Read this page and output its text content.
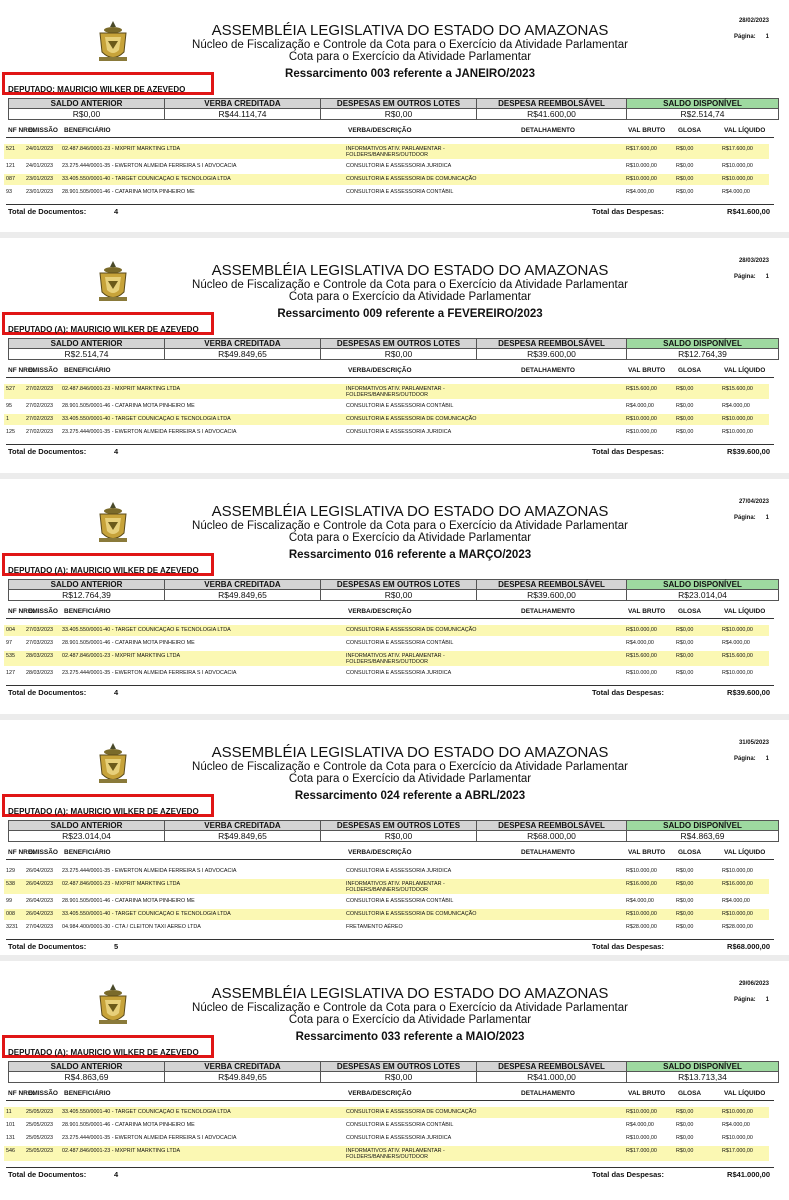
ASSEMBLÉIA LEGISLATIVA DO ESTADO DO AMAZONAS
Núcleo de Fiscalização e Controle da Cota para o Exercício da Atividade Parlamentar
Cota para o Exercício da Atividade Parlamentar
Ressarcimento 003 referente a JANEIRO/2023
28/02/2023
Página: 1
DEPUTADO: MAURICIO WILKER DE AZEVEDO
SALDO ANTERIOR	VERBA CREDITADA	DESPESAS EM OUTROS LOTES	DESPESA REEMBOLSÁVEL	SALDO DISPONÍVEL
R$0,00	R$44.114,74	R$0,00	R$41.600,00	R$2.514,74
NF NRO.
EMISSÃO BENEFICIÁRIO	VERBA/DESCRIÇÃO	DETALHAMENTO	VAL BRUTO GLOSA	VAL LÍQUIDO
521 24/01/2023 02.487.846/0001-23 - MXPRIT MARKTING LTDA	INFORMATIVOS ATIV. PARLAMENTAR -	R$17.600,00	R$0,00	R$17.600,00
FOLDERS/BANNERS/OUTDOOR
121 24/01/2023 23.275.444/0001-35 - EWERTON ALMEIDA FERREIRA S I ADVOCACIA	CONSULTORIA E ASSESSORIA JURIDICA	R$10.000,00	R$0,00	R$10.000,00
087 23/01/2023 33.405.550/0001-40 - TARGET COUNICAÇAO E TECNOLOGIA LTDA	CONSULTORIA E ASSESSORIA DE COMUNICAÇÃO	R$10.000,00	R$0,00	R$10.000,00
93	23/01/2023 28.901.505/0001-46 - CATARINA MOTA PINHEIRO ME	CONSULTORIA E ASSESSORIA CONTÁBIL	R$4.000,00	R$0,00	R$4.000,00
Total de Documentos:	4	Total das Despesas:	R$41.600,00
ASSEMBLÉIA LEGISLATIVA DO ESTADO DO AMAZONAS
Núcleo de Fiscalização e Controle da Cota para o Exercício da Atividade Parlamentar
Cota para o Exercício da Atividade Parlamentar
Ressarcimento 009 referente a FEVEREIRO/2023
28/03/2023
Página: 1
DEPUTADO (A): MAURICIO WILKER DE AZEVEDO
SALDO ANTERIOR	VERBA CREDITADA	DESPESAS EM OUTROS LOTES	DESPESA REEMBOLSÁVEL	SALDO DISPONÍVEL
R$2.514,74	R$49.849,65	R$0,00	R$39.600,00	R$12.764,39
NF NRO.
EMISSÃO BENEFICIÁRIO	VERBA/DESCRIÇÃO	DETALHAMENTO	VAL BRUTO GLOSA	VAL LÍQUIDO
527 27/02/2023 02.487.846/0001-23 - MXPRIT MARKTING LTDA	INFORMATIVOS ATIV. PARLAMENTAR -	R$15.600,00	R$0,00	R$15.600,00
FOLDERS/BANNERS/OUTDOOR
95	27/02/2023 28.901.505/0001-46 - CATARINA MOTA PINHEIRO ME	CONSULTORIA E ASSESSORIA CONTÁBIL	R$4.000,00	R$0,00	R$4.000,00
1	27/02/2023 33.405.550/0001-40 - TARGET COUNICAÇAO E TECNOLOGIA LTDA	CONSULTORIA E ASSESSORIA DE COMUNICAÇÃO	R$10.000,00	R$0,00	R$10.000,00
125 27/02/2023 23.275.444/0001-35 - EWERTON ALMEIDA FERREIRA S I ADVOCACIA	CONSULTORIA E ASSESSORIA JURIDICA	R$10.000,00	R$0,00	R$10.000,00
Total de Documentos:	4	Total das Despesas:	R$39.600,00
ASSEMBLÉIA LEGISLATIVA DO ESTADO DO AMAZONAS
Núcleo de Fiscalização e Controle da Cota para o Exercício da Atividade Parlamentar
Cota para o Exercício da Atividade Parlamentar
Ressarcimento 016 referente a MARÇO/2023
27/04/2023
Página: 1
DEPUTADO (A): MAURICIO WILKER DE AZEVEDO
SALDO ANTERIOR	VERBA CREDITADA	DESPESAS EM OUTROS LOTES	DESPESA REEMBOLSÁVEL	SALDO DISPONÍVEL
R$12.764,39	R$49.849,65	R$0,00	R$39.600,00	R$23.014,04
NF NRO.
EMISSÃO BENEFICIÁRIO	VERBA/DESCRIÇÃO	DETALHAMENTO	VAL BRUTO GLOSA	VAL LÍQUIDO
004 27/03/2023 33.405.550/0001-40 - TARGET COUNICAÇAO E TECNOLOGIA LTDA	CONSULTORIA E ASSESSORIA DE COMUNICAÇÃO	R$10.000,00	R$0,00	R$10.000,00
97	27/03/2023 28.901.505/0001-46 - CATARINA MOTA PINHEIRO ME	CONSULTORIA E ASSESSORIA CONTÁBIL	R$4.000,00	R$0,00	R$4.000,00
535 28/03/2023 02.487.846/0001-23 - MXPRIT MARKTING LTDA	INFORMATIVOS ATIV. PARLAMENTAR -	R$15.600,00	R$0,00	R$15.600,00
FOLDERS/BANNERS/OUTDOOR
127 28/03/2023 23.275.444/0001-35 - EWERTON ALMEIDA FERREIRA S I ADVOCACIA	CONSULTORIA E ASSESSORIA JURIDICA	R$10.000,00	R$0,00	R$10.000,00
Total de Documentos:	4	Total das Despesas:	R$39.600,00
ASSEMBLÉIA LEGISLATIVA DO ESTADO DO AMAZONAS
Núcleo de Fiscalização e Controle da Cota para o Exercício da Atividade Parlamentar
Cota para o Exercício da Atividade Parlamentar
Ressarcimento 024 referente a ABRL/2023
31/05/2023
Página: 1
DEPUTADO (A): MAURICIO WILKER DE AZEVEDO
SALDO ANTERIOR	VERBA CREDITADA	DESPESAS EM OUTROS LOTES	DESPESA REEMBOLSÁVEL	SALDO DISPONÍVEL
R$23.014,04	R$49.849,65	R$0,00	R$68.000,00	R$4.863,69
NF NRO.
EMISSÃO BENEFICIÁRIO	VERBA/DESCRIÇÃO	DETALHAMENTO	VAL BRUTO GLOSA	VAL LÍQUIDO
129 26/04/2023 23.275.444/0001-35 - EWERTON ALMEIDA FERREIRA S I ADVOCACIA	CONSULTORIA E ASSESSORIA JURIDICA	R$10.000,00	R$0,00	R$10.000,00
538 26/04/2023 02.487.846/0001-23 - MXPRIT MARKTING LTDA	INFORMATIVOS ATIV. PARLAMENTAR -	R$16.000,00	R$0,00	R$16.000,00
FOLDERS/BANNERS/OUTDOOR
99	26/04/2023 28.901.505/0001-46 - CATARINA MOTA PINHEIRO ME	CONSULTORIA E ASSESSORIA CONTÁBIL	R$4.000,00	R$0,00	R$4.000,00
008 26/04/2023 33.405.550/0001-40 - TARGET COUNICAÇAO E TECNOLOGIA LTDA	CONSULTORIA E ASSESSORIA DE COMUNICAÇÃO	R$10.000,00	R$0,00	R$10.000,00
3231 27/04/2023 04.984.400/0001-30 - CTA / CLEITON TAXI AEREO LTDA	FRETAMENTO AÉREO	R$28.000,00	R$0,00	R$28.000,00
Total de Documentos:	5	Total das Despesas:	R$68.000,00
ASSEMBLÉIA LEGISLATIVA DO ESTADO DO AMAZONAS
Núcleo de Fiscalização e Controle da Cota para o Exercício da Atividade Parlamentar
Cota para o Exercício da Atividade Parlamentar
Ressarcimento 033 referente a MAIO/2023
29/06/2023
Página: 1
DEPUTADO (A): MAURICIO WILKER DE AZEVEDO
SALDO ANTERIOR	VERBA CREDITADA	DESPESAS EM OUTROS LOTES	DESPESA REEMBOLSÁVEL	SALDO DISPONÍVEL
R$4.863,69	R$49.849,65	R$0,00	R$41.000,00	R$13.713,34
NF NRO.
EMISSÃO BENEFICIÁRIO	VERBA/DESCRIÇÃO	DETALHAMENTO	VAL BRUTO GLOSA	VAL LÍQUIDO
11	25/05/2023 33.405.550/0001-40 - TARGET COUNICAÇAO E TECNOLOGIA LTDA	CONSULTORIA E ASSESSORIA DE COMUNICAÇÃO	R$10.000,00	R$0,00	R$10.000,00
101 25/05/2023 28.901.505/0001-46 - CATARINA MOTA PINHEIRO ME	CONSULTORIA E ASSESSORIA CONTÁBIL	R$4.000,00	R$0,00	R$4.000,00
131 25/05/2023 23.275.444/0001-35 - EWERTON ALMEIDA FERREIRA S I ADVOCACIA	CONSULTORIA E ASSESSORIA JURIDICA	R$10.000,00	R$0,00	R$10.000,00
546 25/05/2023 02.487.846/0001-23 - MXPRIT MARKTING LTDA	INFORMATIVOS ATIV. PARLAMENTAR -	R$17.000,00	R$0,00	R$17.000,00
FOLDERS/BANNERS/OUTDOOR
Total de Documentos:	4	Total das Despesas:	R$41.000,00
